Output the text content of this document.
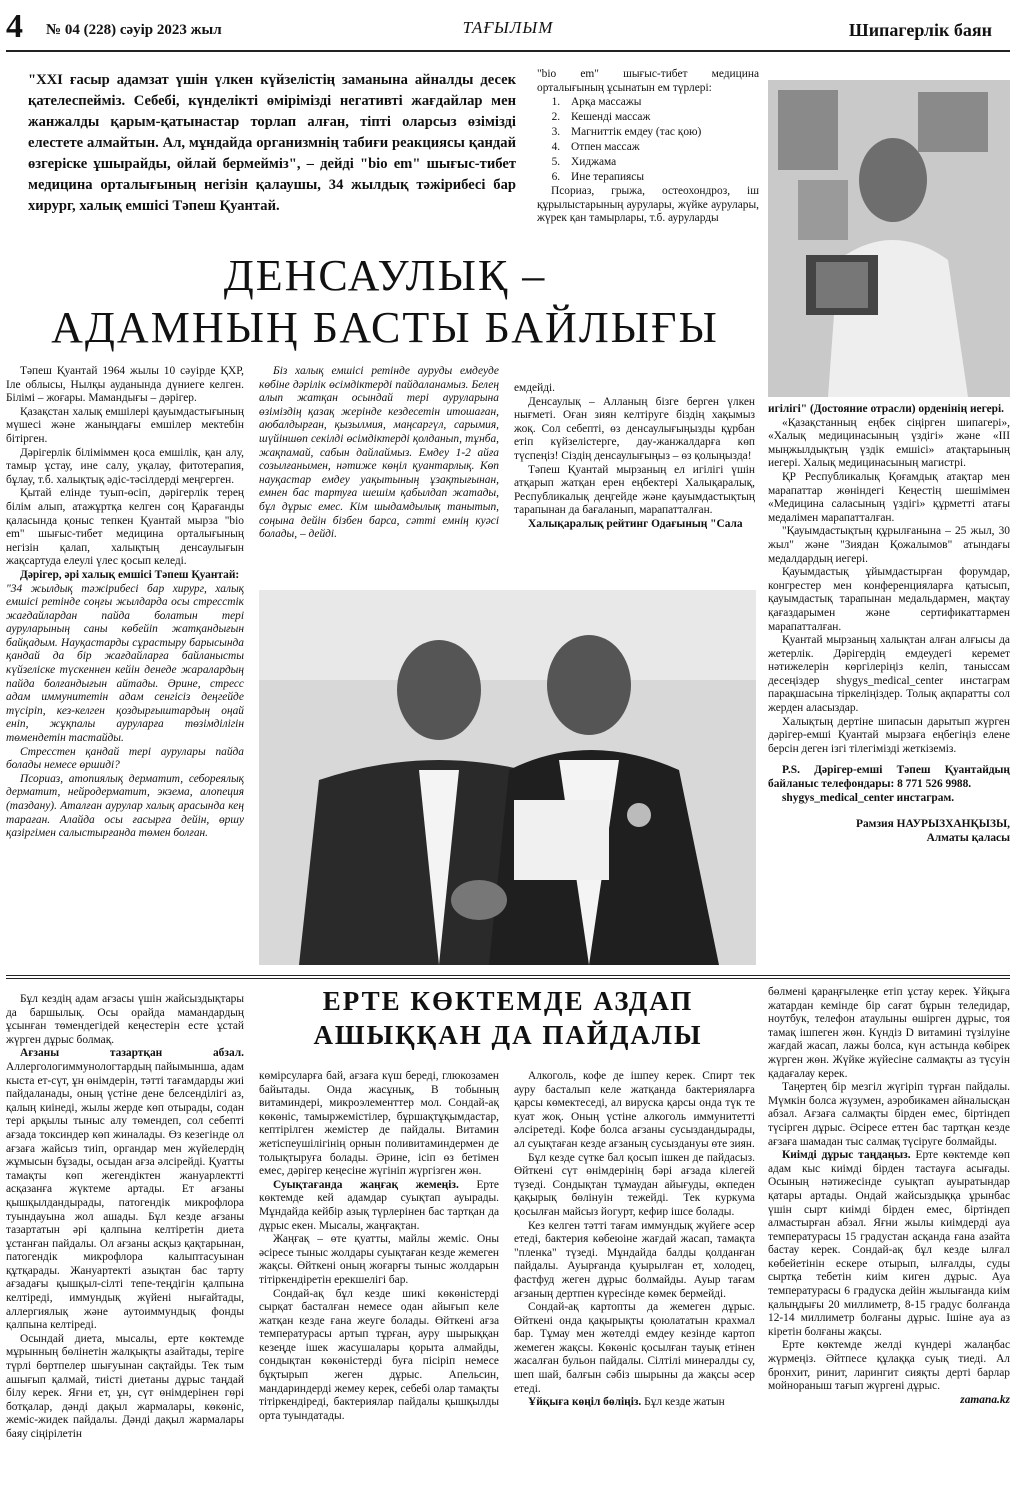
4 № 04 (228) сәуір 2023 жыл	ТАҒЫЛЫМ	Шипагерлік баян
"XXI ғасыр адамзат үшін үлкен күйзелістің заманына айналды десек қателеспейміз. Себебі, күнделікті өмірімізді негативті жағдайлар мен жанжалды қарым-қатынастар торлап алған, тіпті оларсыз өзімізді елестете алмайтын. Ал, мұндайда организмнің табиғи реакциясы қандай өзгеріске ұшырайды, ойлай бермейміз", – дейді "bio em" шығыс-тибет медицина орталығының негізін қалаушы, 34 жылдық тәжірибесі бар хирург, халық емшісі Тәпеш Қуантай.

"bio em" шығыс-тибет медицина орталығының ұсынатын ем түрлері:

1. Арқа массажы
2. Кешенді массаж
3. Магниттік емдеу (тас қою)
4. Отпен массаж
5. Хиджама
6. Ине терапиясы

Псориаз, грыжа, остеохондроз, іш құрылыстарының аурулары, жүйке аурулары, жүрек қан тамырлары, т.б. ауруларды

ДЕНСАУЛЫҚ –
АДАМНЫҢ БАСТЫ БАЙЛЫҒЫ

Тәпеш Қуантай 1964 жылы 10 сәуірде ҚХР, Іле облысы, Нылқы ауданында дүниеге келген. Білімі – жоғары. Мамандығы – дәрігер.

Қазақстан халық емшілері қауымдастығының мүшесі және жаныңдағы емшілер мектебін бітірген.

Дәрігерлік біліміммен қоса емшілік, қан алу, тамыр ұстау, ине салу, уқалау, фитотерапия, бұлау, т.б. халықтық әдіс-тәсілдерді меңгерген.

Қытай елінде туып-өсіп, дәрігерлік терең білім алып, атажұртқа келген соң Қарағанды қаласында қоныс тепкен Қуантай мырза "bio em" шығыс-тибет медицина орталығының негізін қалап, халықтың денсаулығын жақсартуда елеулі үлес қосып келеді.

Дәрігер, әрі халық емшісі Тәпеш Қуантай:

"34 жылдық тәжірибесі бар хирург, халық емшісі ретінде соңғы жылдарда осы стресстік жағдайлардан пайда болатын тері ауруларының саны көбейіп жатқандығын байқадым. Науқастарды сұрастыру барысында қандай да бір жағдайларға байланысты күйзеліске түскеннен кейін денеде жаралардың пайда болғандығын айтады. Әрине, стресс адам иммунитетін адам сенгісіз деңгейде түсіріп, кез-келген қоздырғыштардың оңай еніп, жұқпалы ауруларға төзімділігін төмендетін тастайды.

Стресстен қандай тері аурулары пайда болады немесе өршиді?

Псориаз, атопиялық дерматит, себореялық дерматит, нейродерматит, экзема, алопеция (таздану). Аталған аурулар халық арасында кең тараған. Алайда осы ғасырға дейін, өршу қазіргімен салыстырғанда төмен болған.

Біз халық емшісі ретінде ауруды емдеуде көбіне дәрілік өсімдіктерді пайдаланамыз. Белең алып жатқан осындай тері ауруларына өзіміздің қазақ жерінде кездесетін итошаған, аюбалдырған, қызылмия, маңсаргүл, сарымия, шүйіншөп секілді өсімдіктерді қолданып, тұнба, жақпамай, сабын дайлаймыз. Емдеу 1-2 айға созылғанымен, нәтиже көңіл қуантарлық. Көп науқастар емдеу уақытының ұзақтығынан, емнен бас тартуға шешім қабылдап жатады, бұл дұрыс емес. Кім шыдамдылық танытып, соңына дейін бізбен барса, сәтті емнің куәсі болады, – дейді.

емдейді.

Денсаулық – Алланың бізге берген үлкен нығметі. Оған зиян келтіруге біздің хақымыз жоқ. Сол себепті, өз денсаулығыңызды құрбан етіп күйзелістерге, дау-жанжалдарға көп түспеңіз! Сіздің денсаулығыңыз – өз қолыңызда!

Тәпеш Қуантай мырзаның ел игілігі үшін атқарып жатқан ерен еңбектері Халықаралық, Республикалық деңгейде және қауымдастықтың тарапынан да бағаланып, марапатталған.

Халықаралық рейтинг Одағының "Сала

игілігі" (Достояние отрасли) орденінің иегері.

«Қазақстанның еңбек сіңірген шипагері», «Халық медицинасының үздігі» және «ІІІ мыңжылдықтың үздік емшісі» атақтарының иегері. Халық медицинасының магистрі.

ҚР Республикалық Қоғамдық атақтар мен марапаттар жөніндегі Кеңестің шешімімен «Медицина саласының үздігі» құрметті атағы медалімен марапатталған.

"Қауымдастықтың құрылғанына – 25 жыл, 30 жыл" және "Зиядан Қожалымов" атындағы медалдардың иегері.

Қауымдастық ұйымдастырған форумдар, конгрестер мен конференцияларға қатысып, қауымдастық тарапынан медальдармен, мақтау қағаздарымен және сертификаттармен марапатталған.

Қуантай мырзаның халықтан алған алғысы да жетерлік. Дәрігердің емдеудегі керемет нәтижелерін көргілеріңіз келіп, танысcам десеңіздер shygys_medical_center инстаграм парақшасына тіркеліңіздер. Толық ақпаратты сол жерден аласыздар.

Халықтың дертіне шипасын дарытып жүрген дәрігер-емші Қуантай мырзаға еңбегіңіз елене берсін деген ізгі тілегімізді жеткіземіз.

P.S. Дәрігер-емші Тәпеш Қуантайдың байланыс телефондары: 8 771 526 9988.

shygys_medical_center инстаграм.

Рамзия НАУРЫЗХАНҚЫЗЫ,
Алматы қаласы
ЕРТЕ КӨКТЕМДЕ АЗДАП
АШЫҚҚАН ДА ПАЙДАЛЫ

Бұл кездің адам ағзасы үшін жайсыздықтары да баршылық. Осы орайда мамандардың ұсынған төмендегідей кеңестерін есте ұстай жүрген дұрыс болмақ.

Ағзаны тазартқан абзал. Аллергологиммунологтардың пайымынша, адам кыста ет-сүт, ұн өнімдерін, тәтті тағамдарды жиі пайдаланады, оның үстіне дене белсенділігі аз, қалың киінеді, жылы жерде көп отырады, содан тері арқылы тыныс алу төмендеп, сол себепті ағзада токсиндер көп жиналады. Өз кезегінде ол ағзаға жайсыз тиіп, органдар мен жүйелердің жұмысын бұзады, осыдан ағза әлсірейді. Қуатты тамақты көп жегендіктен жануарлектті асқазанға жүктеме артады. Ет ағзаны қышқылдандырады, патогендік микрофлора туындауына жол ашады. Бұл кезде ағзаны тазартатын әрі қалпына келтіретін диета ұстанған пайдалы. Ол ағзаны асқыз қақтарынан, патогендік микрофлора калыптасуынан құтқарады. Жануартекті азықтан бас тарту ағзадағы қышқыл-сілті тепе-теңдігін қалпына келтіреді, иммундық жүйені нығайтады, аллергиялық және аутоиммундық фонды қалпына келтіреді.

Осындай диета, мысалы, ерте көктемде мұрынның бөлінетін жалқықты азайтады, теріге түрлі бөртпелер шығуынан сақтайды. Тек тым ашығып қалмай, тиісті диетаны дұрыс таңдай білу керек. Яғни ет, ұн, сүт өнімдерінен гөрі ботқалар, дәнді дақыл жармалары, көкөніс, жеміс-жидек пайдалы. Дәнді дақыл жармалары баяу сіңірілетін

көмірсуларға бай, ағзаға күш береді, глюкозамен байытады. Онда жасұнық, В тобының витаминдері, микроэлементтер мол. Сондай-ақ көкөніс, тамыржемістілер, бұршақтұқымдастар, кептірілген жемістер де пайдалы. Витамин жетіспеушілігінің орнын поливитаминдермен де толықтыруға болады. Әрине, ісіп өз бетімен емес, дәрігер кеңесіне жүгініп жүргізген жөн.

Суықтағанда жаңғақ жемеңіз. Ерте көктемде кей адамдар суықтап ауырады. Мұндайда кейбір азық түрлерінен бас тартқан да дұрыс екен. Мысалы, жаңғақтан.

Жаңғақ – өте қуатты, майлы жеміс. Оны әсіресе тыныс жолдары суықтаған кезде жемеген жақсы. Өйткені оның жоғарғы тыныс жолдарын тітіркендіретін ерекшелігі бар.

Сондай-ақ бұл кезде шикі көкөністерді сырқат басталған немесе одан айығып келе жатқан кезде ғана жеуге болады. Өйткені ағза температурасы артып тұрған, ауру шырыққан кезеңде ішек жасушалары қорыта алмайды, сондықтан көкөністерді буға пісіріп немесе бұқтырып жеген дұрыс. Апельсин, мандариндерді жемеу керек, себебі олар тамақты тітіркендіреді, бактериялар пайдалы қышқылды орта туындатады.

Алкоголь, кофе де ішпеу керек. Спирт тек ауру басталып келе жатқанда бактерияларға қарсы көмектеседі, ал вируска қарсы онда түк те куат жоқ. Оның үстіне алкоголь иммунитетті әлсіретеді. Кофе болса ағзаны сусыздандырады, ал суықтаған кезде ағзаның сусыздануы өте зиян.

Бұл кезде сүтке бал қосып ішкен де пайдасыз. Өйткені сүт өнімдерінің бәрі ағзада кілегей түзеді. Сондықтан тұмаудан айығуды, өкпеден қақырық бөлінуін тежейді. Тек куркума қосылған майсыз йогурт, кефир ішсе болады.

Кез келген тәтті тағам иммундық жүйеге әсер етеді, бактерия көбеюіне жағдай жасап, тамақта "пленка" түзеді. Мұндайда балды қолданған пайдалы. Ауырғанда қуырылған ет, холодец, фастфуд жеген дұрыс болмайды. Ауыр тағам ағзаның дертпен күресінде көмек бермейді.

Сондай-ақ картопты да жемеген дұрыс. Өйткені онда қақырықты қоюлататын крахмал бар. Тұмау мен жөтелді емдеу кезінде картоп жемеген жақсы. Көкөніс қосылған тауық етінен жасалған бульон пайдалы. Сілтілі минералды су, шеп шай, балғын сәбіз шырыны да жақсы әсер етеді.

Ұйқыға көңіл бөліңіз. Бұл кезде жатын

бөлмені қараңғылеңке етіп ұстау керек. Ұйқыға жатардан кемінде бір сағат бұрын теледидар, ноутбук, телефон атаулыны өшірген дұрыс, тоя тамақ ішпеген жөн. Күндіз D витамині түзілуіне жағдай жасап, лажы болса, күн астында көбірек жүрген жөн. Жүйке жүйесіне салмақты аз түсуін қадағалау керек.

Таңертең бір мезгіл жүгіріп түрған пайдалы. Мүмкін болса жүзумен, аэробикамен айналысқан абзал. Ағзаға салмақты бірден емес, біртіндеп түсірген дұрыс. Әсіресе еттен бас тартқан кезде ағзаға шамадан тыс салмақ түсіруге болмайды.

Киімді дұрыс таңдаңыз. Ерте көктемде көп адам кыс киімді бірден тастауға асығады. Осының нәтижесінде суықтап ауыратындар қатары артады. Ондай жайсыздыққа ұрынбас үшін сырт киімді бірден емес, біртіндеп алмастырған абзал. Яғни жылы киімдерді ауа температурасы 15 градустан асқанда ғана азайта бастау керек. Сондай-ақ бұл кезде ылғал көбейетінін ескере отырып, ылғалды, суды сыртқа тебетін киім киген дұрыс. Ауа температурасы 6 градуска дейін жылығанда киім қалыңдығы 20 миллиметр, 8-15 градус болғанда 12-14 миллиметр болғаны дұрыс. Ішіне ауа аз кіретін болғаны жақсы.

Ерте көктемде желді күндері жалаңбас жүрмеңіз. Әйтпесе құлаққа суық тиеді. Ал бронхит, ринит, ларингит сияқты дерті барлар мойнораныш тағып жүргені дұрыс.

zamana.kz
